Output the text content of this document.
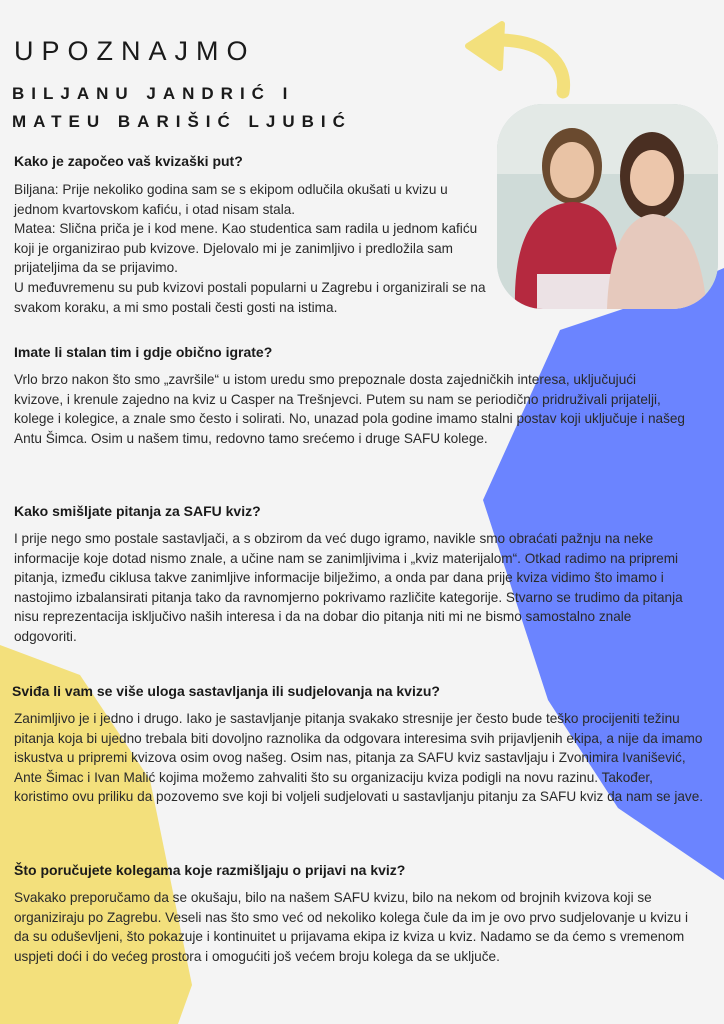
UPOZNAJMO
BILJANU JANDRIĆ I
MATEU BARIŠIĆ LJUBIĆ
Kako je započeo vaš kvizaški put?

Biljana: Prije nekoliko godina sam se s ekipom odlučila okušati u kvizu u jednom kvartovskom kafiću, i otad nisam stala.

Matea: Slična priča je i kod mene. Kao studentica sam radila u jednom kafiću koji je organizirao pub kvizove. Djelovalo mi je zanimljivo i predložila sam prijateljima da se prijavimo.

U međuvremenu su pub kvizovi postali popularni u Zagrebu i organizirali se na svakom koraku, a mi smo postali česti gosti na istima.

Imate li stalan tim i gdje obično igrate?

Vrlo brzo nakon što smo „završile“ u istom uredu smo prepoznale dosta zajedničkih interesa, uključujući kvizove, i krenule zajedno na kviz u Casper na Trešnjevci. Putem su nam se periodično pridruživali prijatelji, kolege i kolegice, a znale smo često i solirati. No, unazad pola godine imamo stalni postav koji uključuje i našeg Antu Šimca. Osim u našem timu, redovno tamo srećemo i druge SAFU kolege.

Kako smišljate pitanja za SAFU kviz?

I prije nego smo postale sastavljači, a s obzirom da već dugo igramo, navikle smo obraćati pažnju na neke informacije koje dotad nismo znale, a učine nam se zanimljivima i „kviz materijalom“. Otkad radimo na pripremi pitanja, između ciklusa takve zanimljive informacije bilježimo, a onda par dana prije kviza vidimo što imamo i nastojimo izbalansirati pitanja tako da ravnomjerno pokrivamo različite kategorije. Stvarno se trudimo da pitanja nisu reprezentacija isključivo naših interesa i da na dobar dio pitanja niti mi ne bismo samostalno znale odgovoriti.

Sviđa li vam se više uloga sastavljanja ili sudjelovanja na kvizu?

Zanimljivo je i jedno i drugo. Iako je sastavljanje pitanja svakako stresnije jer često bude teško procijeniti težinu pitanja koja bi ujedno trebala biti dovoljno raznolika da odgovara interesima svih prijavljenih ekipa, a nije da imamo iskustva u pripremi kvizova osim ovog našeg. Osim nas, pitanja za SAFU kviz sastavljaju i Zvonimira Ivanišević, Ante Šimac i Ivan Malić kojima možemo zahvaliti što su organizaciju kviza podigli na novu razinu. Također, koristimo ovu priliku da pozovemo sve koji bi voljeli sudjelovati u sastavljanju pitanju za SAFU kviz da nam se jave.

Što poručujete kolegama koje razmišljaju o prijavi na kviz?

Svakako preporučamo da se okušaju, bilo na našem SAFU kvizu, bilo na nekom od brojnih kvizova koji se organiziraju po Zagrebu. Veseli nas što smo već od nekoliko kolega čule da im je ovo prvo sudjelovanje u kvizu i da su oduševljeni, što pokazuje i kontinuitet u prijavama ekipa iz kviza u kviz. Nadamo se da ćemo s vremenom uspjeti doći i do većeg prostora i omogućiti još većem broju kolega da se uključe.
